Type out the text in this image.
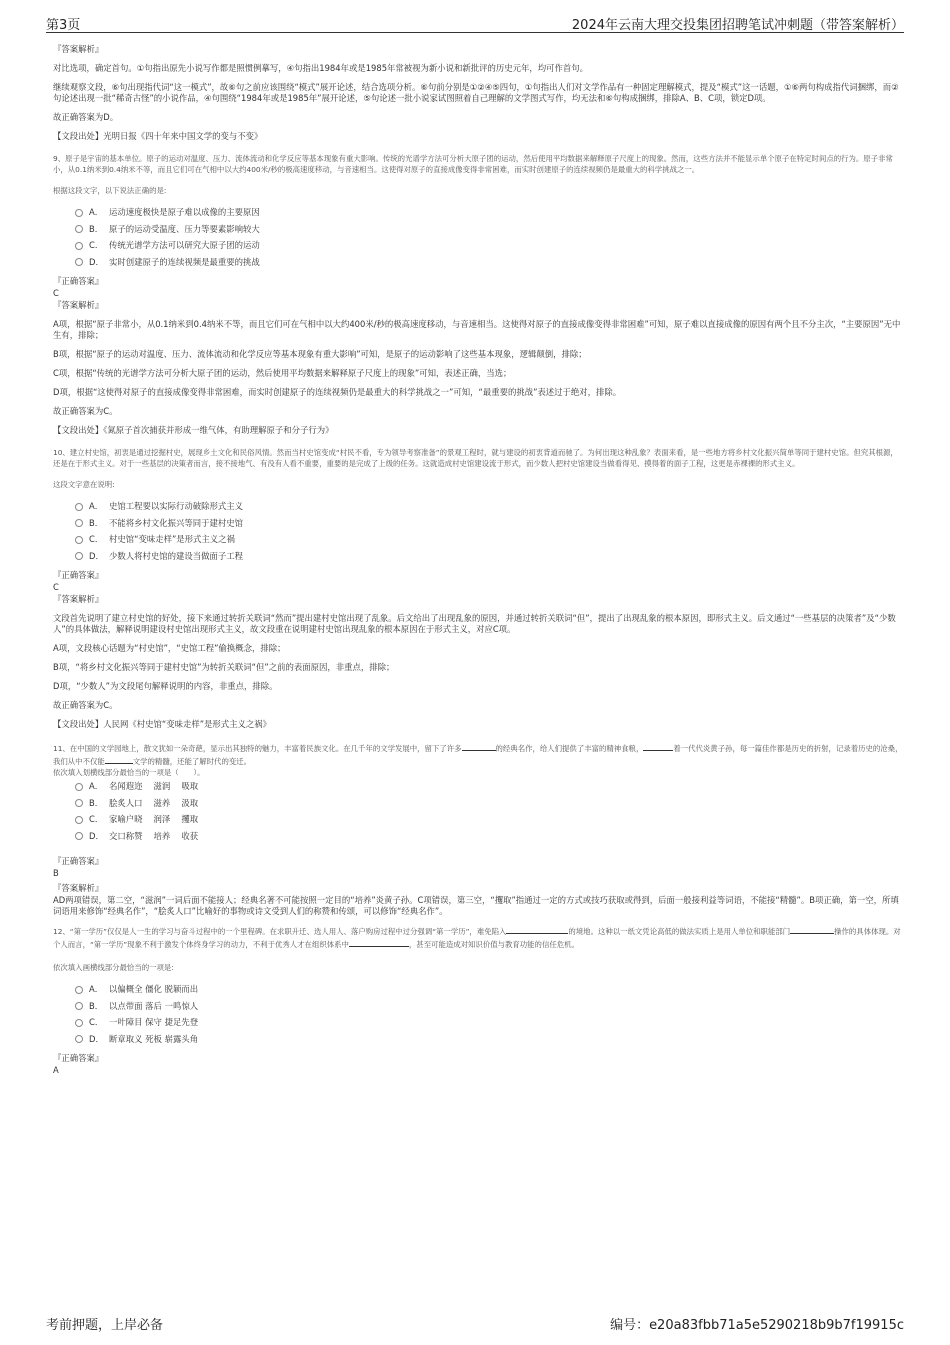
第3页	2024年云南大理交投集团招聘笔试冲刺题（带答案解析）
『答案解析』
对比选项，确定首句。①句指出原先小说写作都是照惯例摹写，④句指出1984年或是1985年常被视为新小说和新批评的历史元年，均可作首句。
继续观察文段，⑥句出现指代词“这一模式”，故⑥句之前应该围绕“模式”展开论述，结合选项分析。⑥句前分别是①②④⑤四句，①句指出人们对文学作品有一种固定理解模式，提及“模式”这一话题，①⑥两句构成指代词捆绑，而②句论述出现一批“稀奇古怪”的小说作品，④句围绕“1984年或是1985年”展开论述，⑤句论述一批小说家试图照着自己理解的文学图式写作，均无法和⑥句构成捆绑，排除A、B、C项，锁定D项。
故正确答案为D。
【文段出处】光明日报《四十年来中国文学的变与不变》
9、原子是宇宙的基本单位。原子的运动对温度、压力、流体流动和化学反应等基本现象有重大影响。传统的光谱学方法可分析大原子团的运动，然后使用平均数据来解释原子尺度上的现象。然而，这些方法并不能显示单个原子在特定时间点的行为。原子非常小，从0.1纳米到0.4纳米不等，而且它们可在气相中以大约400米/秒的极高速度移动，与音速相当。这使得对原子的直接成像变得非常困难，而实时创建原子的连续视频仍是最重大的科学挑战之一。
根据这段文字，以下说法正确的是:
A． 运动速度极快是原子难以成像的主要原因
B． 原子的运动受温度、压力等要素影响较大
C． 传统光谱学方法可以研究大原子团的运动
D． 实时创建原子的连续视频是最重要的挑战
『正确答案』
C
『答案解析』
A项，根据“原子非常小，从0.1纳米到0.4纳米不等，而且它们可在气相中以大约400米/秒的极高速度移动，与音速相当。这使得对原子的直接成像变得非常困难”可知，原子难以直接成像的原因有两个且不分主次，“主要原因”无中生有，排除；
B项，根据“原子的运动对温度、压力、流体流动和化学反应等基本现象有重大影响”可知，是原子的运动影响了这些基本现象，逻辑颠倒，排除；
C项，根据“传统的光谱学方法可分析大原子团的运动，然后使用平均数据来解释原子尺度上的现象”可知，表述正确，当选；
D项，根据“这使得对原子的直接成像变得非常困难，而实时创建原子的连续视频仍是最重大的科学挑战之一”可知，“最重要的挑战”表述过于绝对，排除。
故正确答案为C。
【文段出处】《氮原子首次捕获并形成一维气体，有助理解原子和分子行为》
10、建立村史馆，初衷是通过挖掘村史，展现乡土文化和民俗风情。然而当村史馆变成“村民不看，专为领导考察准备”的景观工程时，就与建设的初衷背道而驰了。为何出现这种乱象？表面来看，是一些地方将乡村文化振兴简单等同于建村史馆。但究其根源，还是在于形式主义。对于一些基层的决策者而言，接不接地气、有没有人看不重要，重要的是完成了上级的任务。这就造成村史馆建设流于形式，而少数人把村史馆建设当做看得见、摸得着的面子工程，这更是赤裸裸的形式主义。
这段文字意在说明:
A． 史馆工程要以实际行动破除形式主义
B． 不能将乡村文化振兴等同于建村史馆
C． 村史馆“变味走样”是形式主义之祸
D． 少数人将村史馆的建设当做面子工程
『正确答案』
C
『答案解析』
文段首先说明了建立村史馆的好处，接下来通过转折关联词“然而”提出建村史馆出现了乱象。后文给出了出现乱象的原因，并通过转折关联词“但”，提出了出现乱象的根本原因，即形式主义。后文通过“一些基层的决策者”及“少数人”的具体做法，解释说明建设村史馆出现形式主义，故文段重在说明建村史馆出现乱象的根本原因在于形式主义，对应C项。
A项，文段核心话题为“村史馆”，“史馆工程”偷换概念，排除；
B项，“将乡村文化振兴等同于建村史馆”为转折关联词“但”之前的表面原因，非重点，排除；
D项，“少数人”为文段尾句解释说明的内容，非重点，排除。
故正确答案为C。
【文段出处】人民网《村史馆“变味走样”是形式主义之祸》
11、在中国的文学园地上，散文犹如一朵奇葩，显示出其独特的魅力，丰富着民族文化。在几千年的文学发展中，留下了许多	的经典名作，给人们提供了丰富的精神食粮，	着一代代炎黄子孙，每一篇佳作都是历史的折射，记录着历史的沧桑，我们从中不仅能	文学的精髓，还能了解时代的变迁。
依次填入划横线部分最恰当的一项是（　　）。
A． 名闻遐迩　 滋润　 吸取
B． 脍炙人口　 滋养　 汲取
C． 家喻户晓　 润泽　 攫取
D． 交口称赞　 培养　 收获
『正确答案』
B
『答案解析』
AD两项错误，第二空，“滋润”一词后面不能接人；经典名著不可能按照一定目的“培养”炎黄子孙。C项错误，第三空，“攫取”指通过一定的方式或技巧获取或得到，后面一般接利益等词语，不能接“精髓”。B项正确，第一空，所填词语用来修饰“经典名作”，“脍炙人口”比喻好的事物或诗文受到人们的称赞和传颂，可以修饰“经典名作”。
12、“第一学历”仅仅是人一生的学习与奋斗过程中的一个里程碑。在求职升迁、选人用人、落户购房过程中过分强调“第一学历”，难免陷入	的境地。这种以一纸文凭论高低的做法实质上是用人单位和职能部门	操作的具体体现。对个人而言，“第一学历”现象不利于激发个体终身学习的动力，不利于优秀人才在组织体系中	，甚至可能造成对知识价值与教育功能的信任危机。
依次填入画横线部分最恰当的一项是:
A． 以偏概全 僵化 脱颖而出
B． 以点带面 落后 一鸣惊人
C． 一叶障目 保守 捷足先登
D． 断章取义 死板 崭露头角
『正确答案』
A
考前押题，上岸必备	编号：e20a83fbb71a5e5290218b9b7f19915c
